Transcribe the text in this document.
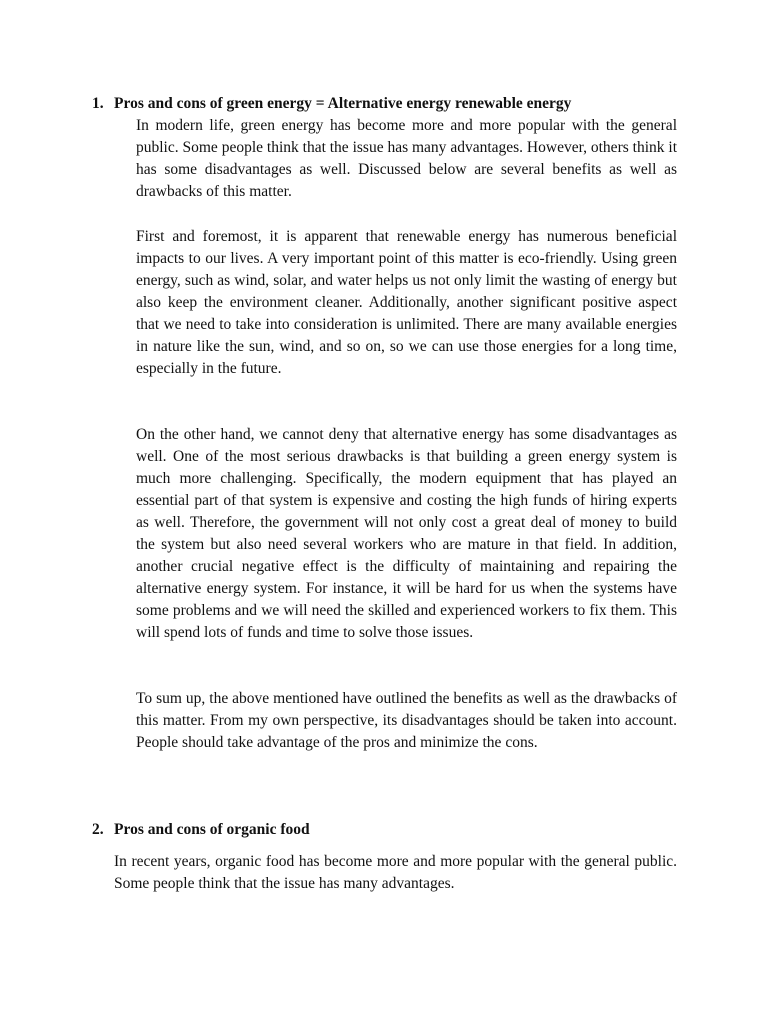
1. Pros and cons of green energy = Alternative energy renewable energy

In modern life, green energy has become more and more popular with the general public. Some people think that the issue has many advantages. However, others think it has some disadvantages as well. Discussed below are several benefits as well as drawbacks of this matter.

First and foremost, it is apparent that renewable energy has numerous beneficial impacts to our lives. A very important point of this matter is eco-friendly. Using green energy, such as wind, solar, and water helps us not only limit the wasting of energy but also keep the environment cleaner. Additionally, another significant positive aspect that we need to take into consideration is unlimited. There are many available energies in nature like the sun, wind, and so on, so we can use those energies for a long time, especially in the future.

On the other hand, we cannot deny that alternative energy has some disadvantages as well. One of the most serious drawbacks is that building a green energy system is much more challenging. Specifically, the modern equipment that has played an essential part of that system is expensive and costing the high funds of hiring experts as well. Therefore, the government will not only cost a great deal of money to build the system but also need several workers who are mature in that field. In addition, another crucial negative effect is the difficulty of maintaining and repairing the alternative energy system. For instance, it will be hard for us when the systems have some problems and we will need the skilled and experienced workers to fix them. This will spend lots of funds and time to solve those issues.

To sum up, the above mentioned have outlined the benefits as well as the drawbacks of this matter. From my own perspective, its disadvantages should be taken into account. People should take advantage of the pros and minimize the cons.

2. Pros and cons of organic food

In recent years, organic food has become more and more popular with the general public. Some people think that the issue has many advantages.
